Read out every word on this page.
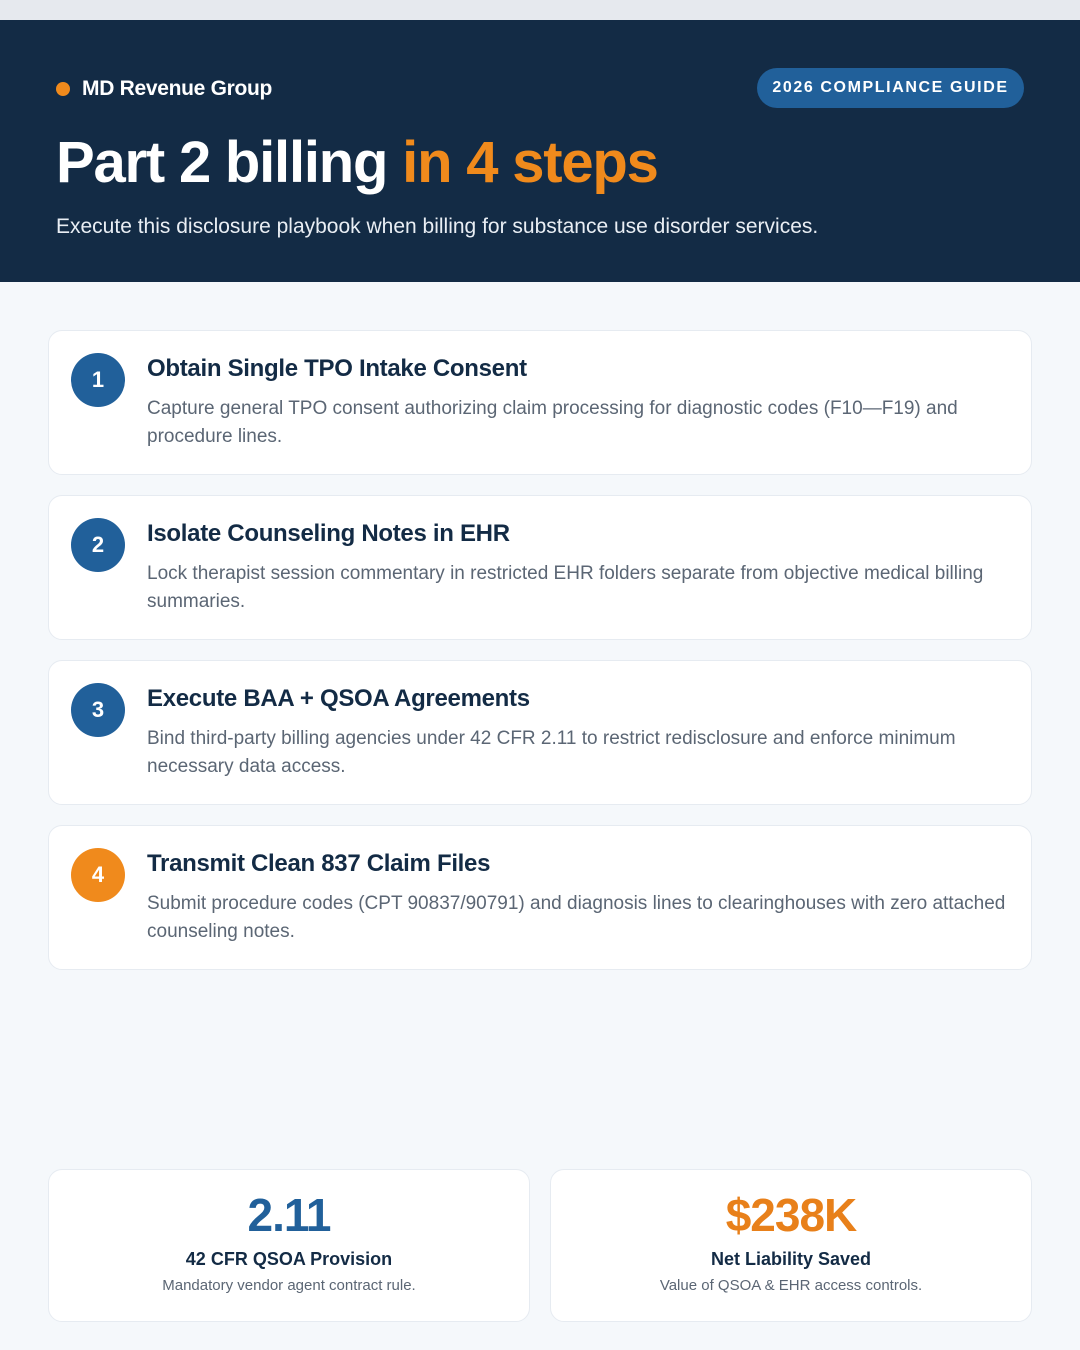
MD Revenue Group	2026 COMPLIANCE GUIDE
Part 2 billing in 4 steps

Execute this disclosure playbook when billing for substance use disorder services.

1	Obtain Single TPO Intake Consent

Capture general TPO consent authorizing claim processing for diagnostic codes (F10—F19) and procedure lines.

2	Isolate Counseling Notes in EHR

Lock therapist session commentary in restricted EHR folders separate from objective medical billing summaries.

3	Execute BAA + QSOA Agreements

Bind third-party billing agencies under 42 CFR 2.11 to restrict redisclosure and enforce minimum necessary data access.

4	Transmit Clean 837 Claim Files

Submit procedure codes (CPT 90837/90791) and diagnosis lines to clearinghouses with zero attached counseling notes.

2.11
42 CFR QSOA Provision
Mandatory vendor agent contract rule.
$238K
Net Liability Saved
Value of QSOA & EHR access controls.
